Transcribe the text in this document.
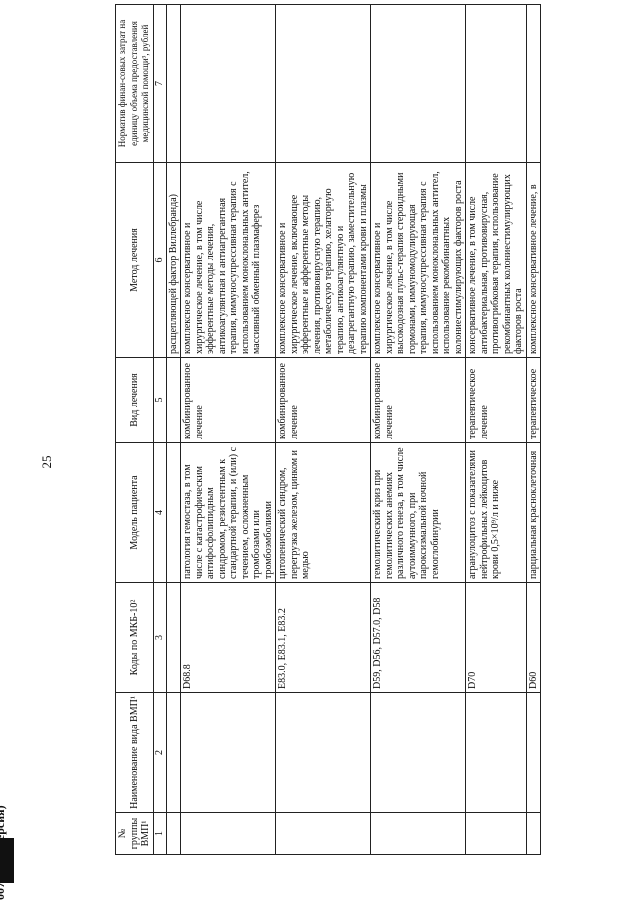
25
№ группы ВМП¹	Наименование вида ВМП¹	Коды по МКБ-10²	Модель пациента	Вид лечения	Метод лечения	Норматив финан-совых затрат на единицу объема предоставления медицинской помощи³, рублей
1	2	3	4	5	6	7
					расщепляющей фактор Виллебранда)	
		D68.8	патология гемостаза, в том числе с катастрофическим антифосфолипидным синдромом, резистентным к стандартной терапии, и (или) с течением, осложненным тромбозами или тромбоэмболиями	комбинированное лечение	комплексное консервативное и хирургическое лечение, в том числе эфферентные методы лечения, антикоагулянтная и антиагрегантная терапия, иммуносупрессивная терапия с использованием моноклональных антител, массивный обменный плазмаферез	
		E83.0, E83.1, E83.2	цитопенический синдром, перегрузка железом, цинком и медью	комбинированное лечение	комплексное консервативное и хирургическое лечение, включающее эфферентные и афферентные методы лечения, противовирусную терапию, метаболическую терапию, хелаторную терапию, антикоагулянтную и дезагрегантную терапию, заместительную терапию компонентами крови и плазмы	
		D59, D56, D57.0, D58	гемолитический криз при гемолитических анемиях различного генеза, в том числе аутоиммунного, при пароксизмальной ночной гемоглобинурии	комбинированное лечение	комплексное консервативное и хирургическое лечение, в том числе высокодозная пульс-терапия стероидными гормонами, иммуномодулирующая терапия, иммуносупрессивная терапия с использованием моноклональных антител, использование рекомбинантных колониестимулирующих факторов роста	
		D70	агранулоцитоз с показателями нейтрофильных лейкоцитов крови 0,5×10⁹/л и ниже	терапевтическое лечение	консервативное лечение, в том числе антибактериальная, противовирусная, противогрибковая терапия, использование рекомбинантных колониестимулирующих факторов роста	
		D60	парциальная красноклеточная	терапевтическое	комплексное консервативное лечение, в	
